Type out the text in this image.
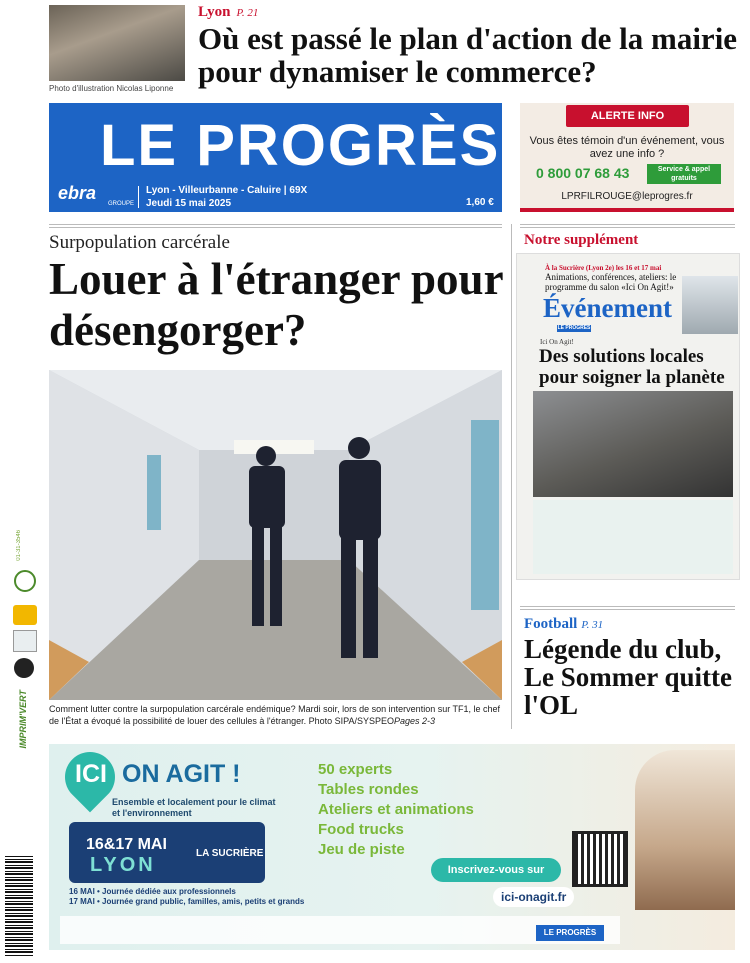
Photo d'illustration Nicolas Liponne
Lyon P. 21
Où est passé le plan d'action de la mairie pour dynamiser le commerce?
LE PROGRÈS
ebra
GROUPE
Lyon - Villeurbanne - Caluire | 69X
Jeudi 15 mai 2025	1,60 €
ALERTE INFO
Vous êtes témoin d'un événement, vous avez une info ?
0 800 07 68 43	Service & appel gratuits
LPRFILROUGE@leprogres.fr
Surpopulation carcérale
Louer à l'étranger pour désengorger?
Comment lutter contre la surpopulation carcérale endémique? Mardi soir, lors de son intervention sur TF1, le chef de l'État a évoqué la possibilité de louer des cellules à l'étranger. Photo SIPA/SYSPEOPages 2-3
Notre supplément
À la Sucrière (Lyon 2e) les 16 et 17 mai
Animations, conférences, ateliers: le programme du salon «Ici On Agit!»
Événement
LE PROGRÈS
Ici On Agit!
Des solutions locales pour soigner la planète
Football P. 31
Légende du club, Le Sommer quitte l'OL
01-31-3546
IMPRIM'VERT
ICI ON AGIT !
Ensemble et localement pour le climat et l'environnement
16&17 MAI
LYON
LA SUCRIÈRE
16 MAI • Journée dédiée aux professionnels
17 MAI • Journée grand public, familles, amis, petits et grands
50 experts
Tables rondes
Ateliers et animations
Food trucks
Jeu de piste
Inscrivez-vous sur
ici-onagit.fr
LE PROGRÈS
